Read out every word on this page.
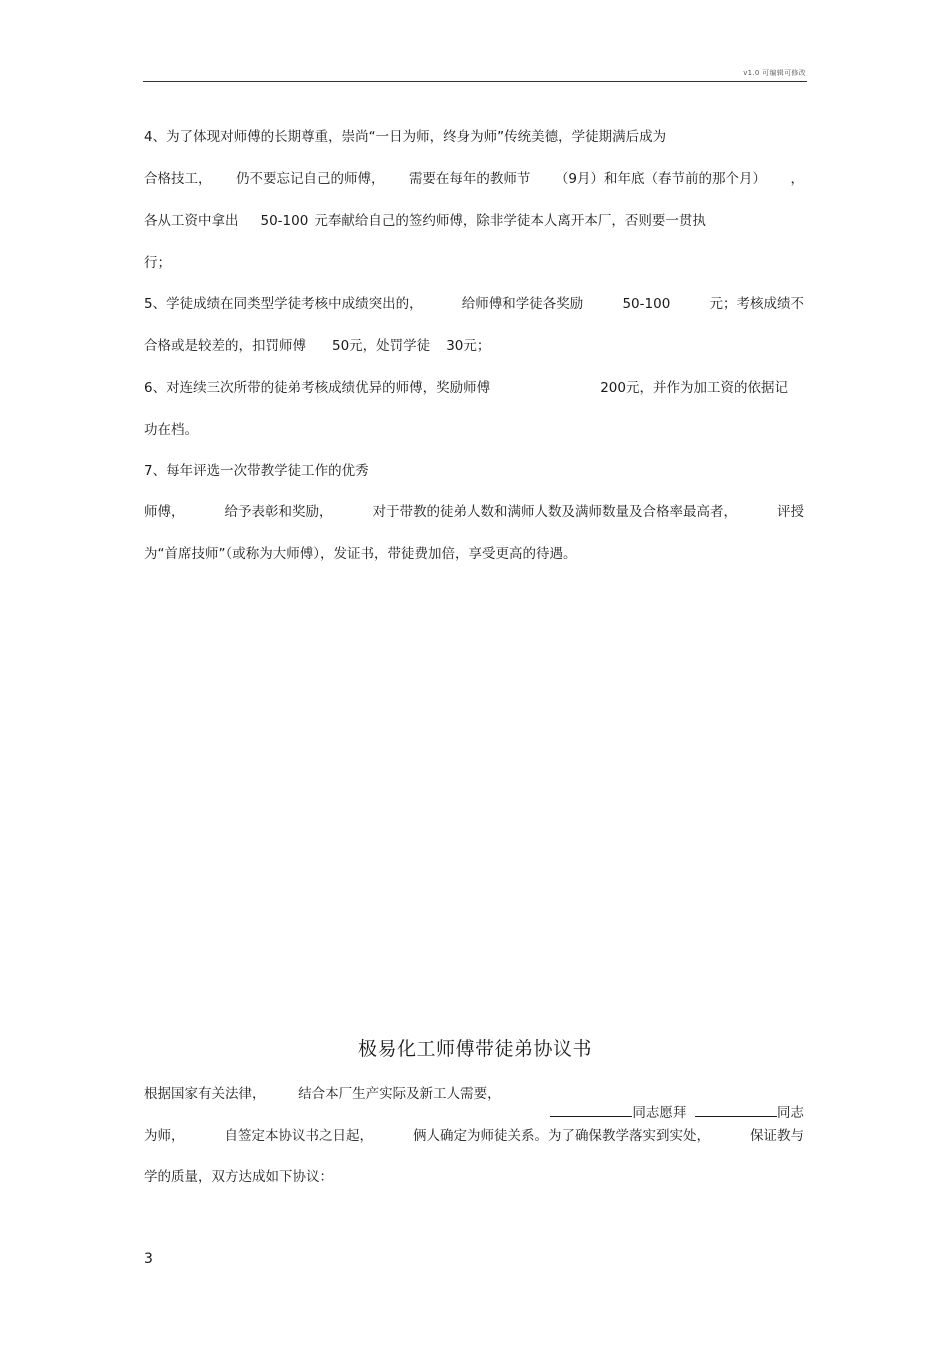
v1.0 可编辑可修改
4、为了体现对师傅的长期尊重，崇尚“一日为师，终身为师”传统美德，学徒期满后成为
合格技工， 仍不要忘记自己的师傅， 需要在每年的教师节 （9月）和年底（春节前的那个月） ，
各从工资中拿出 50-100 元奉献给自己的签约师傅，除非学徒本人离开本厂，否则要一贯执
行；
5、学徒成绩在同类型学徒考核中成绩突出的，	给师傅和学徒各奖励	50-100	元；考核成绩不
合格或是较差的，扣罚师傅 50元，处罚学徒 30元；
6、对连续三次所带的徒弟考核成绩优异的师傅，奖励师傅	200元，并作为加工资的依据记
功在档。
7、每年评选一次带教学徒工作的优秀
师傅，	给予表彰和奖励，	对于带教的徒弟人数和满师人数及满师数量及合格率最高者，	评授
为“首席技师”（或称为大师傅），发证书，带徒费加倍，享受更高的待遇。
极易化工师傅带徒弟协议书
根据国家有关法律， 结合本厂生产实际及新工人需要，

同志愿拜	同志

为师，	自签定本协议书之日起，	俩人确定为师徒关系。为了确保教学落实到实处，	保证教与
学的质量，双方达成如下协议：
3
